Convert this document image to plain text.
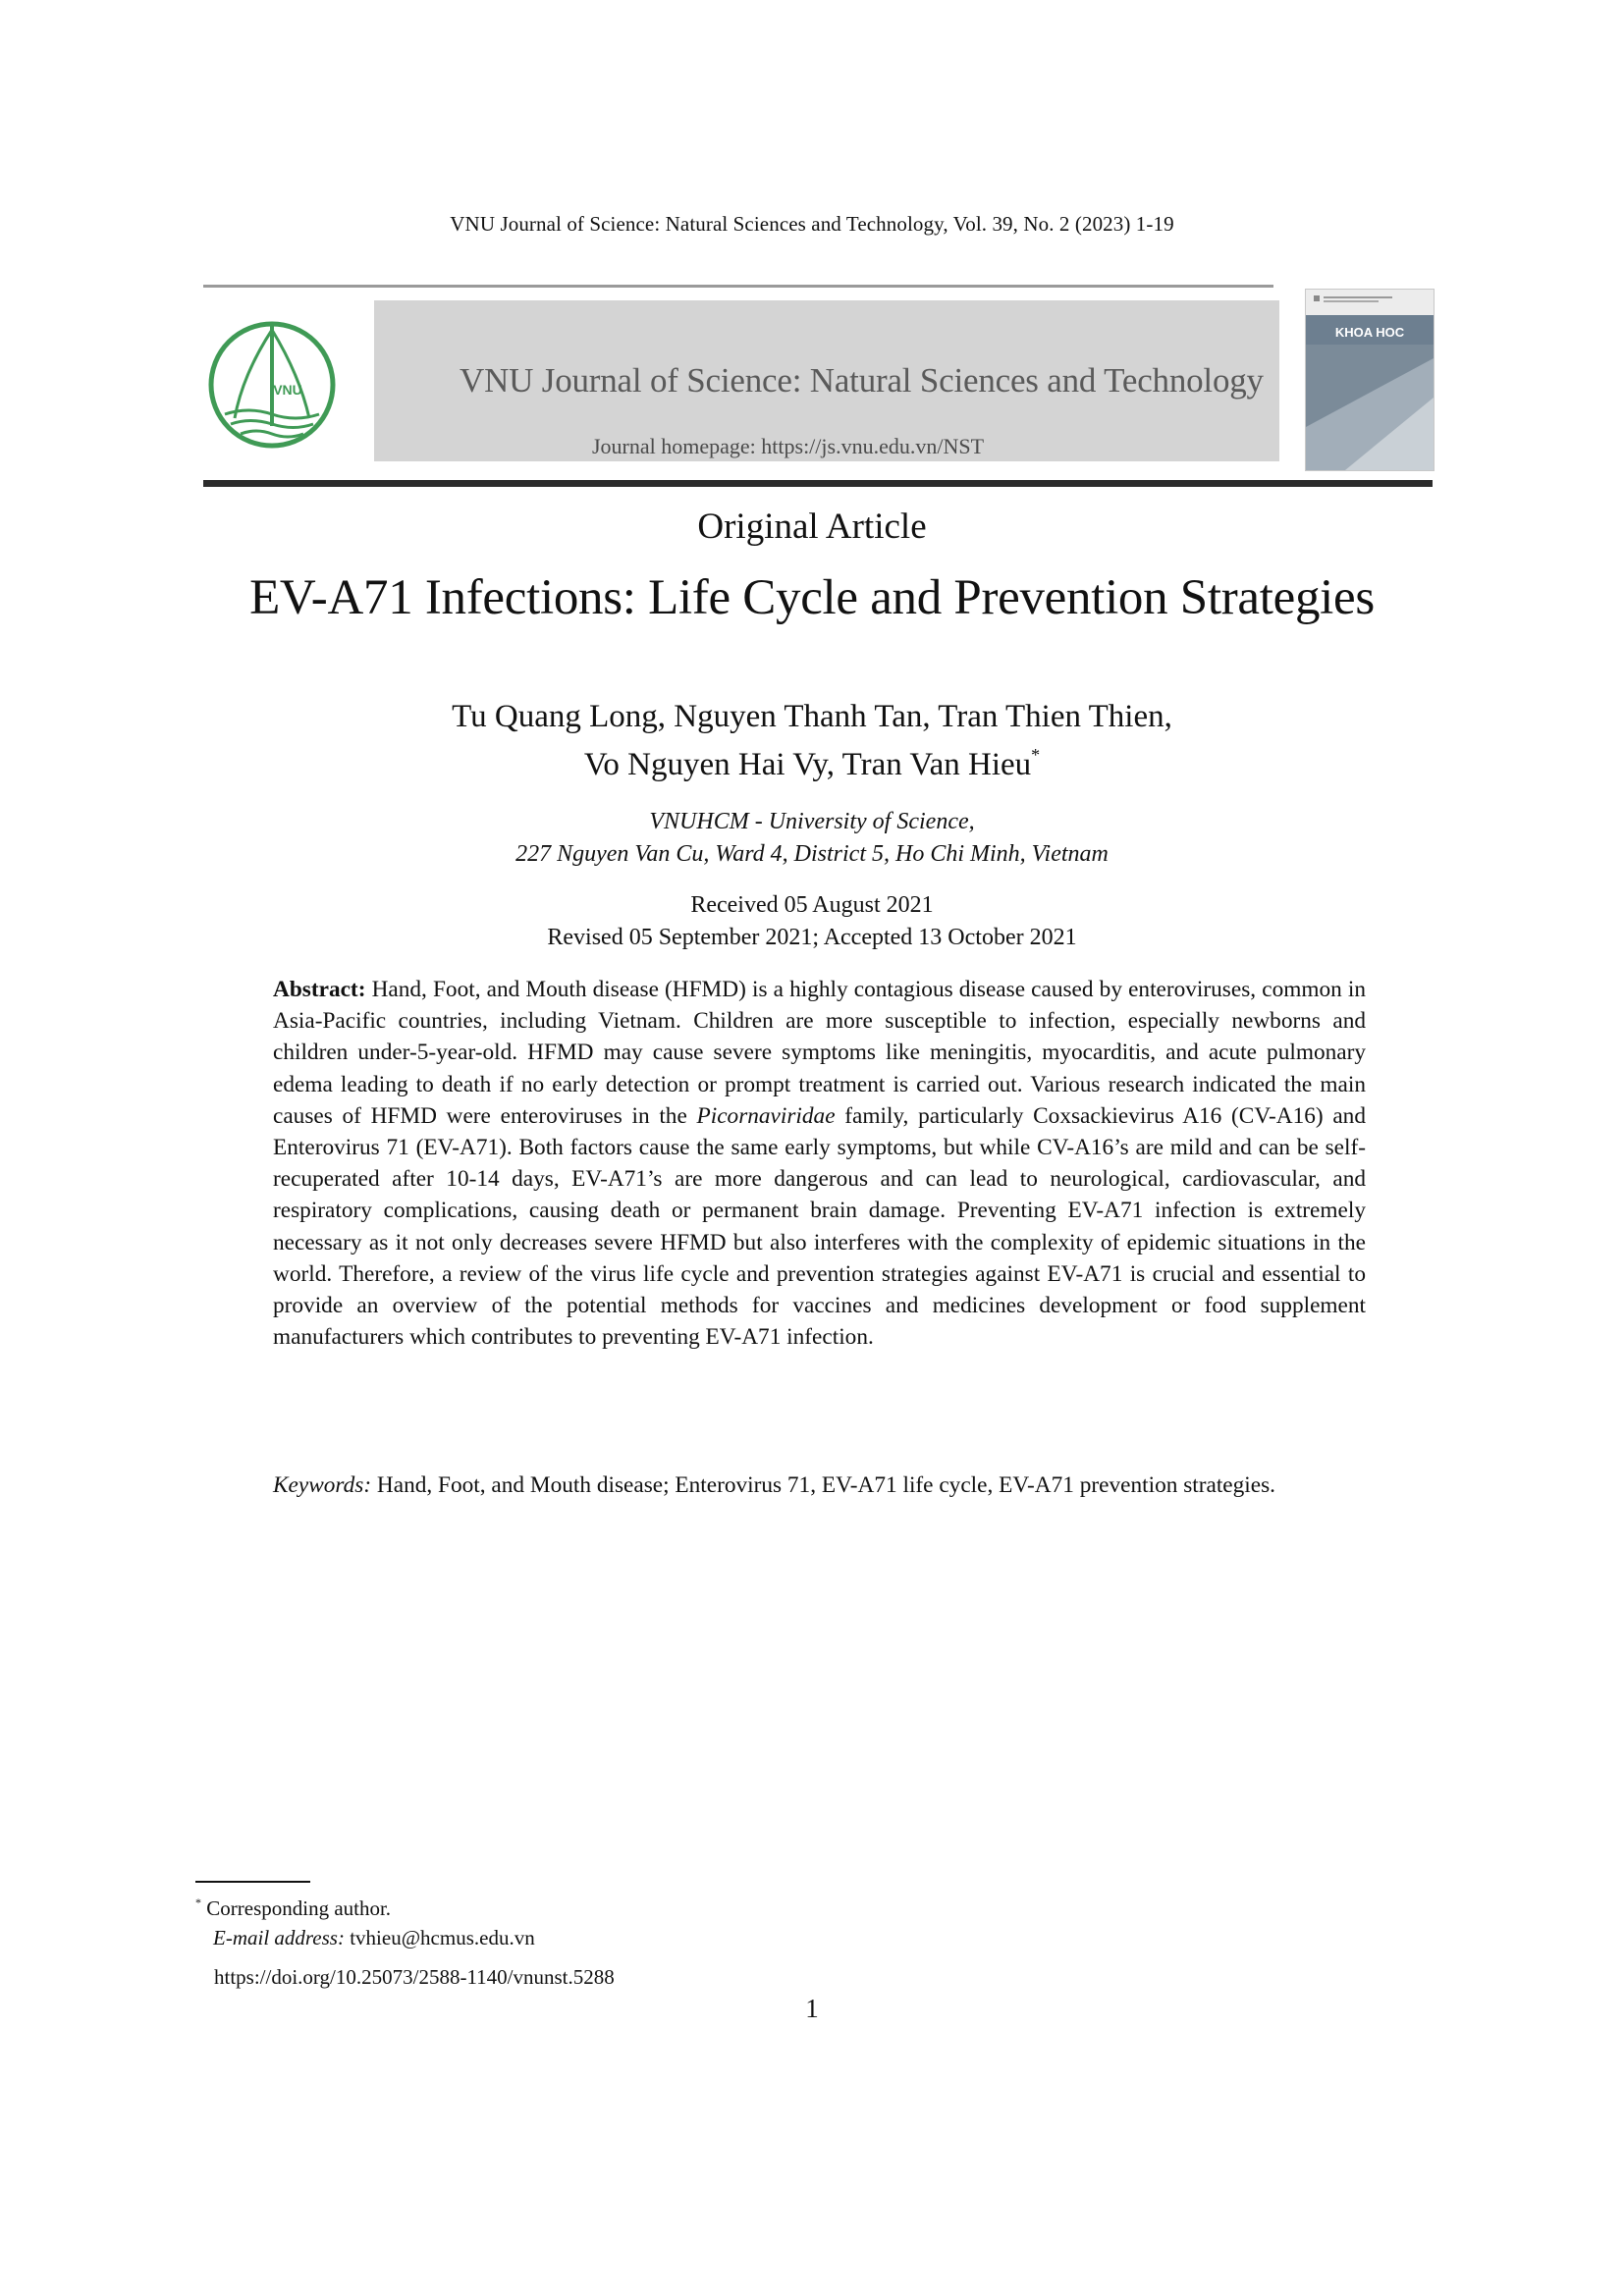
VNU Journal of Science: Natural Sciences and Technology, Vol. 39, No. 2 (2023) 1-19
VNU	VNU Journal of Science: Natural Sciences and Technology
Journal homepage: https://js.vnu.edu.vn/NST
KHOA HOC
Original Article
EV-A71 Infections: Life Cycle and Prevention Strategies
Tu Quang Long, Nguyen Thanh Tan, Tran Thien Thien,
Vo Nguyen Hai Vy, Tran Van Hieu*
VNUHCM - University of Science,
227 Nguyen Van Cu, Ward 4, District 5, Ho Chi Minh, Vietnam
Received 05 August 2021
Revised 05 September 2021; Accepted 13 October 2021
Abstract: Hand, Foot, and Mouth disease (HFMD) is a highly contagious disease caused by enteroviruses, common in Asia-Pacific countries, including Vietnam. Children are more susceptible to infection, especially newborns and children under-5-year-old. HFMD may cause severe symptoms like meningitis, myocarditis, and acute pulmonary edema leading to death if no early detection or prompt treatment is carried out. Various research indicated the main causes of HFMD were enteroviruses in the Picornaviridae family, particularly Coxsackievirus A16 (CV-A16) and Enterovirus 71 (EV-A71). Both factors cause the same early symptoms, but while CV-A16’s are mild and can be self-recuperated after 10-14 days, EV-A71’s are more dangerous and can lead to neurological, cardiovascular, and respiratory complications, causing death or permanent brain damage. Preventing EV-A71 infection is extremely necessary as it not only decreases severe HFMD but also interferes with the complexity of epidemic situations in the world. Therefore, a review of the virus life cycle and prevention strategies against EV-A71 is crucial and essential to provide an overview of the potential methods for vaccines and medicines development or food supplement manufacturers which contributes to preventing EV-A71 infection.
Keywords: Hand, Foot, and Mouth disease; Enterovirus 71, EV-A71 life cycle, EV-A71 prevention strategies.
* Corresponding author.
E-mail address: tvhieu@hcmus.edu.vn
https://doi.org/10.25073/2588-1140/vnunst.5288
1
